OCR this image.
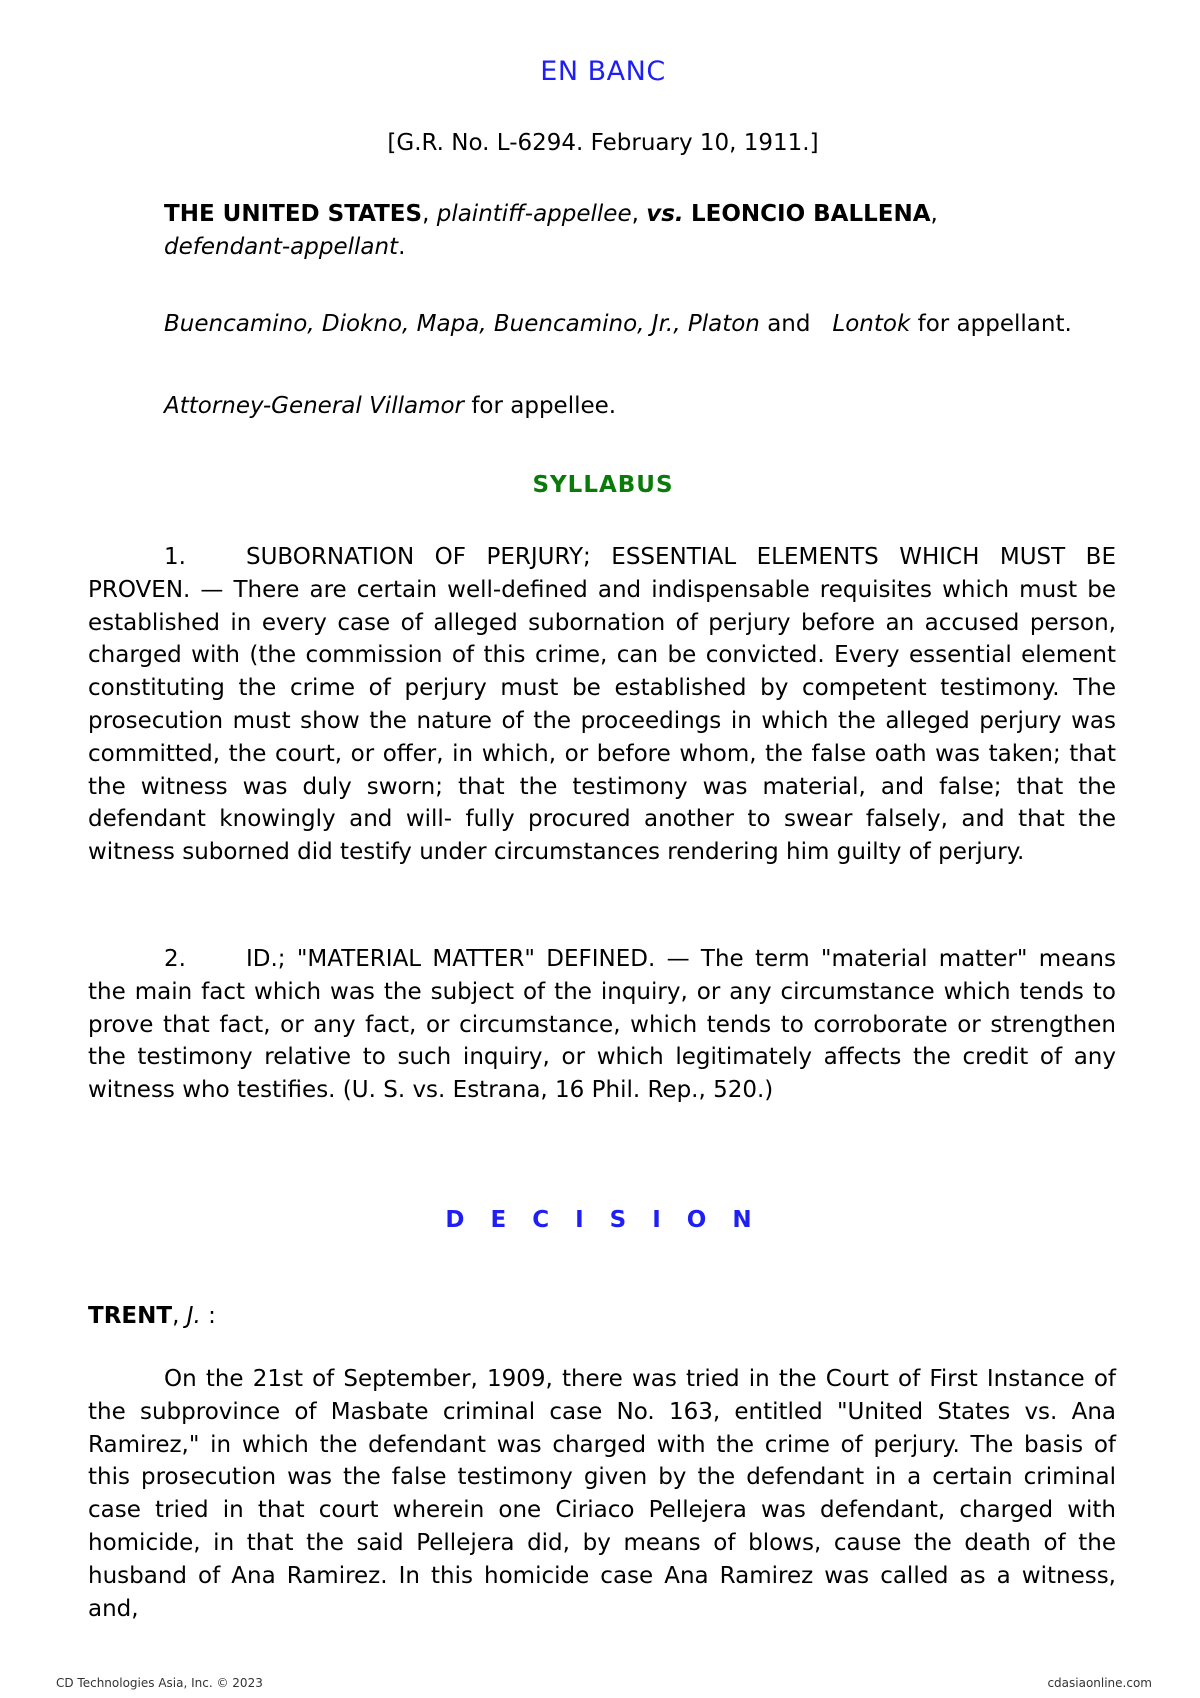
EN BANC
[G.R. No. L-6294. February 10, 1911.]
THE UNITED STATES, plaintiff-appellee, vs. LEONCIO BALLENA,
defendant-appellant.
Buencamino, Diokno, Mapa, Buencamino, Jr., Platon and Lontok for appellant.
Attorney-General Villamor for appellee.
SYLLABUS
1.	SUBORNATION OF PERJURY; ESSENTIAL ELEMENTS WHICH MUST BE PROVEN. — There are certain well-defined and indispensable requisites which must be established in every case of alleged subornation of perjury before an accused person, charged with (the commission of this crime, can be convicted. Every essential element constituting the crime of perjury must be established by competent testimony. The prosecution must show the nature of the proceedings in which the alleged perjury was committed, the court, or offer, in which, or before whom, the false oath was taken; that the witness was duly sworn; that the testimony was material, and false; that the defendant knowingly and will- fully procured another to swear falsely, and that the witness suborned did testify under circumstances rendering him guilty of perjury.
2.	ID.; "MATERIAL MATTER" DEFINED. — The term "material matter" means the main fact which was the subject of the inquiry, or any circumstance which tends to prove that fact, or any fact, or circumstance, which tends to corroborate or strengthen the testimony relative to such inquiry, or which legitimately affects the credit of any witness who testifies. (U. S. vs. Estrana, 16 Phil. Rep., 520.)
D E C I S I O N
TRENT, J. :
On the 21st of September, 1909, there was tried in the Court of First Instance of the subprovince of Masbate criminal case No. 163, entitled "United States vs. Ana Ramirez," in which the defendant was charged with the crime of perjury. The basis of this prosecution was the false testimony given by the defendant in a certain criminal case tried in that court wherein one Ciriaco Pellejera was defendant, charged with homicide, in that the said Pellejera did, by means of blows, cause the death of the husband of Ana Ramirez. In this homicide case Ana Ramirez was called as a witness, and,
CD Technologies Asia, Inc. © 2023	cdasiaonline.com
